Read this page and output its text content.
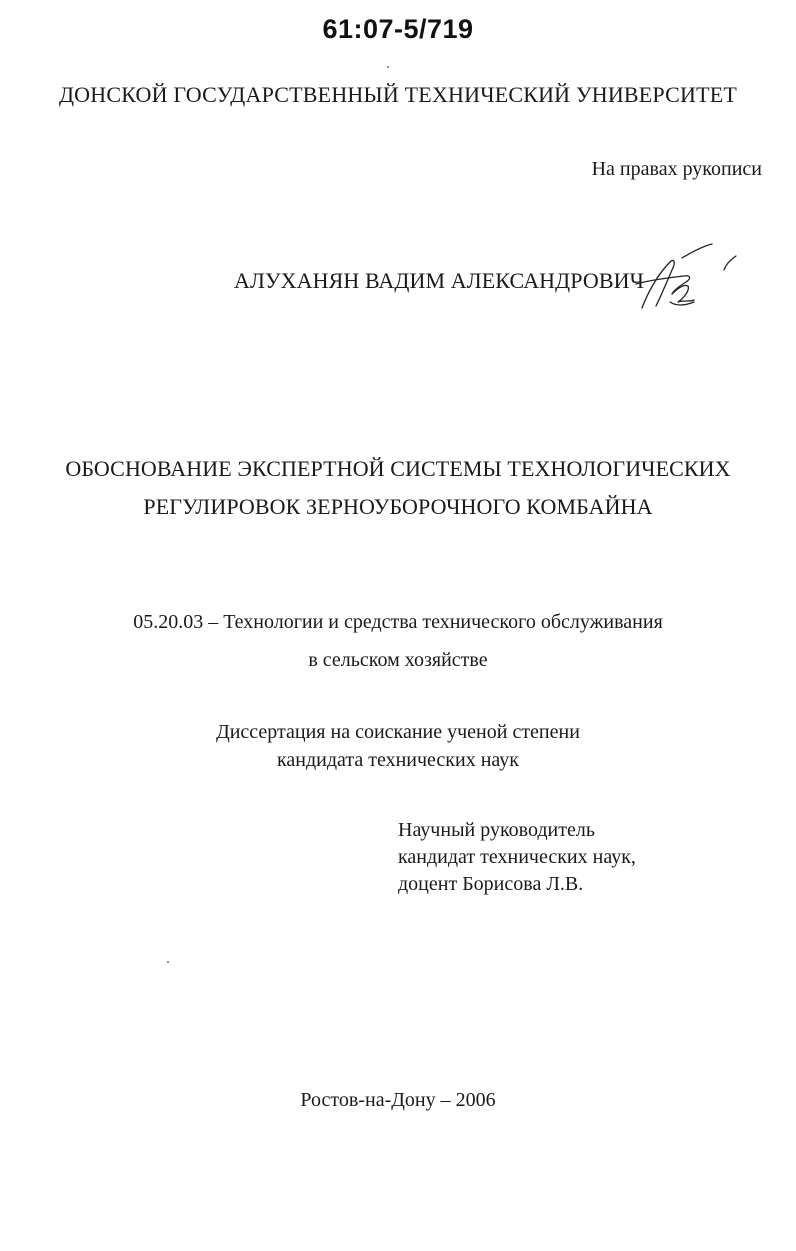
61:07-5/719
ДОНСКОЙ ГОСУДАРСТВЕННЫЙ ТЕХНИЧЕСКИЙ УНИВЕРСИТЕТ
На правах рукописи
АЛУХАНЯН ВАДИМ АЛЕКСАНДРОВИЧ
ОБОСНОВАНИЕ ЭКСПЕРТНОЙ СИСТЕМЫ ТЕХНОЛОГИЧЕСКИХ
РЕГУЛИРОВОК ЗЕРНОУБОРОЧНОГО КОМБАЙНА
05.20.03 – Технологии и средства технического обслуживания
в сельском хозяйстве
Диссертация на соискание ученой степени
кандидата технических наук
Научный руководитель
кандидат технических наук,
доцент Борисова Л.В.
Ростов-на-Дону – 2006
